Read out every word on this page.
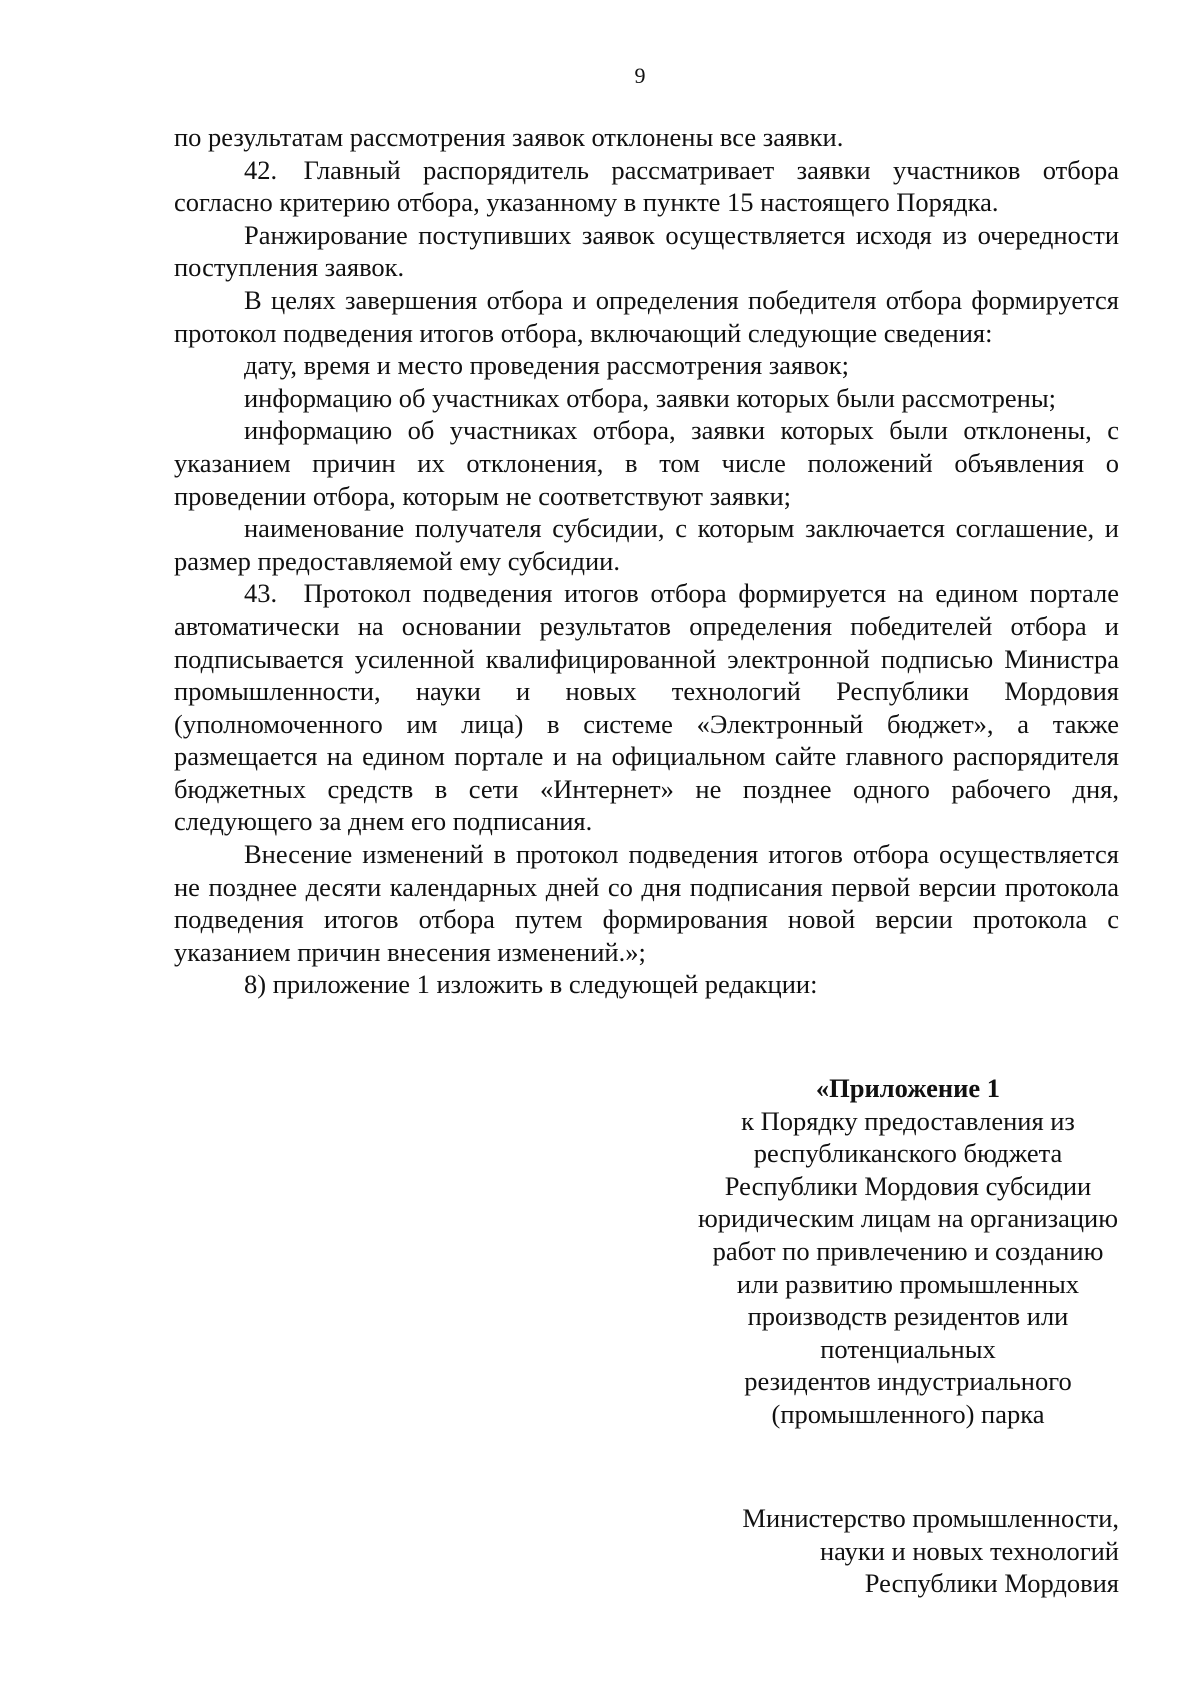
9

по результатам рассмотрения заявок отклонены все заявки.

42. Главный распорядитель рассматривает заявки участников отбора согласно критерию отбора, указанному в пункте 15 настоящего Порядка.

Ранжирование поступивших заявок осуществляется исходя из очередности поступления заявок.

В целях завершения отбора и определения победителя отбора формируется протокол подведения итогов отбора, включающий следующие сведения:

дату, время и место проведения рассмотрения заявок;

информацию об участниках отбора, заявки которых были рассмотрены;

информацию об участниках отбора, заявки которых были отклонены, с указанием причин их отклонения, в том числе положений объявления о проведении отбора, которым не соответствуют заявки;

наименование получателя субсидии, с которым заключается соглашение, и размер предоставляемой ему субсидии.

43. Протокол подведения итогов отбора формируется на едином портале автоматически на основании результатов определения победителей отбора и подписывается усиленной квалифицированной электронной подписью Министра промышленности, науки и новых технологий Республики Мордовия (уполномоченного им лица) в системе «Электронный бюджет», а также размещается на едином портале и на официальном сайте главного распорядителя бюджетных средств в сети «Интернет» не позднее одного рабочего дня, следующего за днем его подписания.

Внесение изменений в протокол подведения итогов отбора осуществляется не позднее десяти календарных дней со дня подписания первой версии протокола подведения итогов отбора путем формирования новой версии протокола с указанием причин внесения изменений.»;

8) приложение 1 изложить в следующей редакции:

«Приложение 1

к Порядку предоставления из

республиканского бюджета

Республики Мордовия субсидии

юридическим лицам на организацию

работ по привлечению и созданию

или развитию промышленных

производств резидентов или

потенциальных

резидентов индустриального

(промышленного) парка

Министерство промышленности,

науки и новых технологий

Республики Мордовия
